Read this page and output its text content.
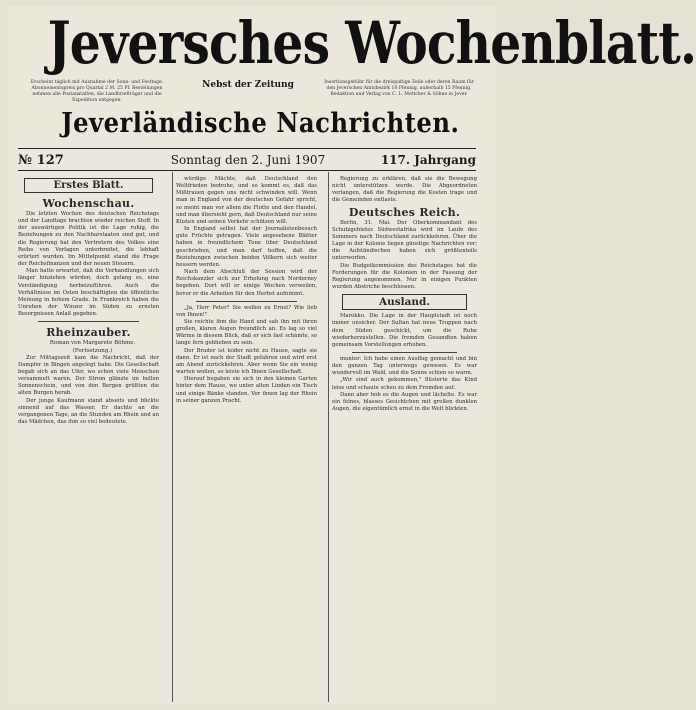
Jeversches Wochenblatt.
Erscheint täglich mit Ausnahme der Sonn- und Festtage. Abonnementspreis pro Quartal 2 M. 25 Pf. Bestellungen nehmen alle Postanstalten, die Landbriefträger und die Expedition entgegen.
Nebst der Zeitung	Insertionsgebühr für die dreispaltige Zeile oder deren Raum für den Jeverschen Amtsbezirk 10 Pfennig, außerhalb 15 Pfennig. Redaktion und Verlag von C. L. Mettcker & Söhne in Jever.
Jeverländische Nachrichten.
№ 127	Sonntag den 2. Juni 1907	117. Jahrgang
Erstes Blatt.
Wochenschau.

Die letzten Wochen des deutschen Reichstags und der Landtage brachten wieder reichen Stoff. In der auswärtigen Politik ist die Lage ruhig, die Beziehungen zu den Nachbarstaaten sind gut, und die Regierung hat den Vertretern des Volkes eine Reihe von Vorlagen unterbreitet, die lebhaft erörtert wurden. Im Mittelpunkt stand die Frage der Reichsfinanzen und der neuen Steuern.

Man hatte erwartet, daß die Verhandlungen sich länger hinziehen würden, doch gelang es, eine Verständigung herbeizuführen. Auch die Verhältnisse im Osten beschäftigten die öffentliche Meinung in hohem Grade. In Frankreich haben die Unruhen der Winzer im Süden zu ernsten Besorgnissen Anlaß gegeben.

Rheinzauber.

Roman von Margarete Böhme.

(Fortsetzung.)

Zur Mittagszeit kam die Nachricht, daß der Dampfer in Bingen angelegt habe. Die Gesellschaft begab sich an das Ufer, wo schon viele Menschen versammelt waren. Der Strom glänzte im hellen Sonnenschein, und von den Bergen grüßten die alten Burgen herab.

Der junge Kaufmann stand abseits und blickte sinnend auf das Wasser. Er dachte an die vergangenen Tage, an die Stunden am Rhein und an das Mädchen, das ihm so viel bedeutete.

würdige Mächte, daß Deutschland den Weltfrieden bedrohe, und so kommt es, daß das Mißtrauen gegen uns nicht schwinden will. Wenn man in England von der deutschen Gefahr spricht, so meint man vor allem die Flotte und den Handel, und man übersieht gern, daß Deutschland nur seine Küsten und seinen Verkehr schützen will.

In England selbst hat der Journalistenbesuch gute Früchte getragen. Viele angesehene Blätter haben in freundlichem Tone über Deutschland geschrieben, und man darf hoffen, daß die Beziehungen zwischen beiden Völkern sich weiter bessern werden.

Nach dem Abschluß der Session wird der Reichskanzler sich zur Erholung nach Norderney begeben. Dort will er einige Wochen verweilen, bevor er die Arbeiten für den Herbst aufnimmt.

„Ja, Herr Peter? Sie wollen zu Ernst? Wie lieb von Ihnen!"

Sie reichte ihm die Hand und sah ihn mit ihren großen, klaren Augen freundlich an. Es lag so viel Wärme in diesem Blick, daß er sich fast schämte, so lange fern geblieben zu sein.

Der Bruder ist leider nicht zu Hause, sagte sie dann. Er ist nach der Stadt gefahren und wird erst am Abend zurückkehren. Aber wenn Sie ein wenig warten wollen, so leiste ich Ihnen Gesellschaft.

Hierauf begaben sie sich in den kleinen Garten hinter dem Hause, wo unter alten Linden ein Tisch und einige Bänke standen. Vor ihnen lag der Rhein in seiner ganzen Pracht.

Regierung zu erklären, daß sie die Bewegung nicht unterstützen werde. Die Abgeordneten verlangen, daß die Regierung die Kosten trage und die Gemeinden entlaste.

Deutsches Reich.

Berlin, 31. Mai. Der Oberkommandant des Schutzgebietes Südwestafrika wird im Laufe des Sommers nach Deutschland zurückkehren. Über die Lage in der Kolonie liegen günstige Nachrichten vor; die Aufständischen haben sich größtenteils unterworfen.

Die Budgetkommission des Reichstages hat die Forderungen für die Kolonien in der Fassung der Regierung angenommen. Nur in einigen Punkten wurden Abstriche beschlossen.

Ausland.

Marokko. Die Lage in der Hauptstadt ist noch immer unsicher. Der Sultan hat neue Truppen nach dem Süden geschickt, um die Ruhe wiederherzustellen. Die fremden Gesandten haben gemeinsam Vorstellungen erhoben.

munter: Ich habe einen Ausflug gemacht und bin den ganzen Tag unterwegs gewesen. Es war wundervoll im Wald, und die Sonne schien so warm.

„Wir sind auch gekommen," flüsterte das Kind leise und schaute scheu zu dem Fremden auf.

Dann aber hob es die Augen und lächelte. Es war ein feines, blasses Gesichtchen mit großen dunklen Augen, die eigentümlich ernst in die Welt blickten.
